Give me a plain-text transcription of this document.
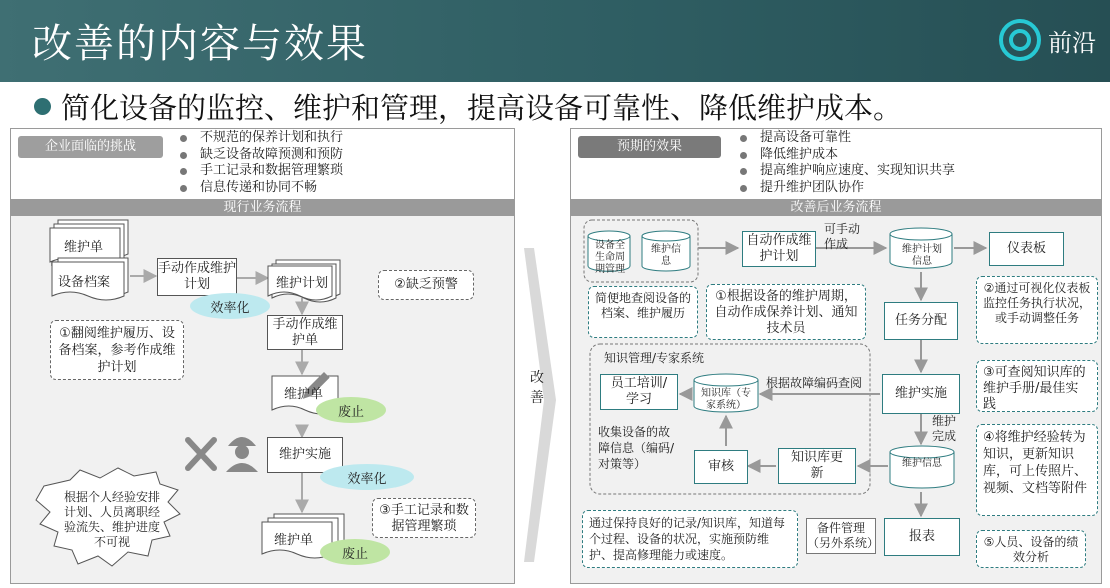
改善的内容与效果	前沿
简化设备的监控、维护和管理，提高设备可靠性、降低维护成本。
企业面临的挑战
不规范的保养计划和执行
缺乏设备故障预测和预防
手工记录和数据管理繁琐
信息传递和协同不畅
现行业务流程
维护单
设备档案
手动作成维护计划	维护计划	②缺乏预警
效率化
①翻阅维护履历、设备档案，参考作成维护计划
手动作成维护单
维护单
废止
维护实施
效率化
③手工记录和数据管理繁琐
维护单
废止
根据个人经验安排计划、人员离职经验流失、维护进度不可视
改善
预期的效果
提高设备可靠性
降低维护成本
提高维护响应速度、实现知识共享
提升维护团队协作
改善后业务流程
设备全生命周期管理
维护信息
自动作成维护计划
可手动作成	维护计划信息
仪表板
简便地查阅设备的档案、维护履历
①根据设备的维护周期，自动作成保养计划、通知技术员
②通过可视化仪表板监控任务执行状况，或手动调整任务
任务分配
知识管理/专家系统
员工培训/学习	知识库（专家系统）
根据故障编码查阅
维护实施
③可查阅知识库的维护手册/最佳实践
收集设备的故障信息（编码/对策等）
维护完成
审核
知识库更新
维护信息
④将维护经验转为知识，更新知识库，可上传照片、视频、文档等附件
通过保持良好的记录/知识库，知道每个过程、设备的状况，实施预防维护、提高修理能力或速度。
备件管理（另外系统）	报表	⑤人员、设备的绩效分析
